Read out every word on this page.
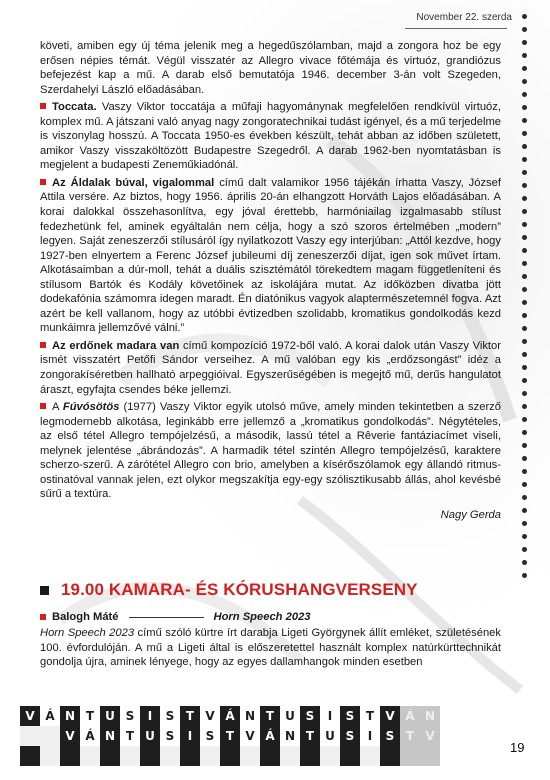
November 22. szerda

követi, amiben egy új téma jelenik meg a hegedűszólamban, majd a zongora hoz be egy erősen népies témát. Végül visszatér az Allegro vivace főtémája és virtuóz, grandiózus befejezést kap a mű. A darab első bemutatója 1946. december 3-án volt Szegeden, Szerdahelyi László előadásában.

Toccata. Vaszy Viktor toccatája a műfaji hagyománynak megfelelően rendkívül virtuóz, komplex mű. A játszani való anyag nagy zongoratechnikai tudást igényel, és a mű terjedelme is viszonylag hosszú. A Toccata 1950-es években készült, tehát abban az időben született, amikor Vaszy visszaköltözött Budapestre Szegedről. A darab 1962-ben nyomtatásban is megjelent a budapesti Zeneműkiadónál.

Az Áldalak búval, vigalommal című dalt valamikor 1956 tájékán írhatta Vaszy, József Attila versére. Az biztos, hogy 1956. április 20-án elhangzott Horváth Lajos előadásában. A korai dalokkal összehasonlítva, egy jóval érettebb, harmóniailag izgalmasabb stílust fedezhetünk fel, aminek egyáltalán nem célja, hogy a szó szoros értelmében „modern” legyen. Saját zeneszerzői stílusáról így nyilatkozott Vaszy egy interjúban: „Attól kezdve, hogy 1927-ben elnyertem a Ferenc József jubileumi díj zeneszerzői díjat, igen sok művet írtam. Alkotásaimban a dúr-moll, tehát a duális szisztémától törekedtem magam függetleníteni és stílusom Bartók és Kodály követőinek az iskolájára mutat. Az időközben divatba jött dodekafónia számomra idegen maradt. Én diatónikus vagyok alaptermészetemnél fogva. Azt azért be kell vallanom, hogy az utóbbi évtizedben szolidabb, kromatikus gondolkodás kezd munkáimra jellemzővé válni.”

Az erdőnek madara van című kompozíció 1972-ből való. A korai dalok után Vaszy Viktor ismét visszatért Petőfi Sándor verseihez. A mű valóban egy kis „erdőzsongást” idéz a zongorakíséretben hallható arpeggióival. Egyszerűségében is megejtő mű, derűs hangulatot áraszt, egyfajta csendes béke jellemzi.

A Fúvósötös (1977) Vaszy Viktor egyik utolsó műve, amely minden tekintetben a szerző legmodernebb alkotása, leginkább erre jellemző a „kromatikus gondolkodás”. Négytételes, az első tétel Allegro tempójelzésű, a második, lassú tétel a Rêverie fantáziacímet viseli, melynek jelentése „ábrándozás”. A harmadik tétel szintén Allegro tempójelzésű, karaktere scherzo-szerű. A zárótétel Allegro con brio, amelyben a kísérőszólamok egy állandó ritmus-ostinatóval vannak jelen, ezt olykor megszakítja egy-egy szólisztikusabb állás, ahol kevésbé sűrű a textúra.

Nagy Gerda
19.00 KAMARA- ÉS KÓRUSHANGVERSENY
Balogh Máté	Horn Speech 2023
Horn Speech 2023 című szóló kürtre írt darabja Ligeti Györgynek állít emléket, születésének 100. évfordulóján. A mű a Ligeti által is előszeretettel használt komplex natúrkürttechnikát gondolja újra, aminek lényege, hogy az egyes dallamhangok minden esetben
V Á N T U S	I	S T V Á N T U S	I	S T V Á N
V Á N T U S	I	S T V Á N T U S	I	S T V
19
